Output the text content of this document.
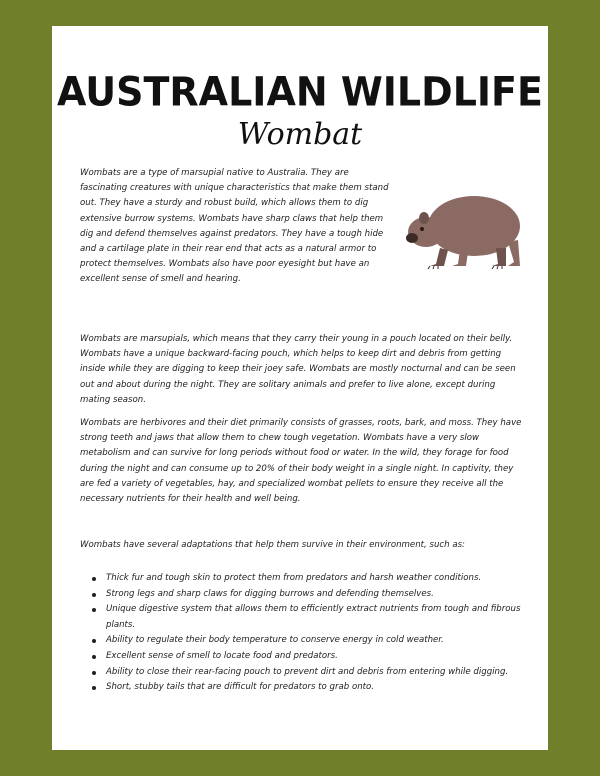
AUSTRALIAN WILDLIFE
Wombat

Wombats are a type of marsupial native to Australia. They are fascinating creatures with unique characteristics that make them stand out. They have a sturdy and robust build, which allows them to dig extensive burrow systems. Wombats have sharp claws that help them dig and defend themselves against predators. They have a tough hide and a cartilage plate in their rear end that acts as a natural armor to protect themselves. Wombats also have poor eyesight but have an excellent sense of smell and hearing.

Wombats are marsupials, which means that they carry their young in a pouch located on their belly. Wombats have a unique backward-facing pouch, which helps to keep dirt and debris from getting inside while they are digging to keep their joey safe. Wombats are mostly nocturnal and can be seen out and about during the night. They are solitary animals and prefer to live alone, except during mating season.

Wombats are herbivores and their diet primarily consists of grasses, roots, bark, and moss. They have strong teeth and jaws that allow them to chew tough vegetation. Wombats have a very slow metabolism and can survive for long periods without food or water. In the wild, they forage for food during the night and can consume up to 20% of their body weight in a single night. In captivity, they are fed a variety of vegetables, hay, and specialized wombat pellets to ensure they receive all the necessary nutrients for their health and well being.

Wombats have several adaptations that help them survive in their environment, such as:

Thick fur and tough skin to protect them from predators and harsh weather conditions.
Strong legs and sharp claws for digging burrows and defending themselves.
Unique digestive system that allows them to efficiently extract nutrients from tough and fibrous plants.
Ability to regulate their body temperature to conserve energy in cold weather.
Excellent sense of smell to locate food and predators.
Ability to close their rear-facing pouch to prevent dirt and debris from entering while digging.
Short, stubby tails that are difficult for predators to grab onto.
